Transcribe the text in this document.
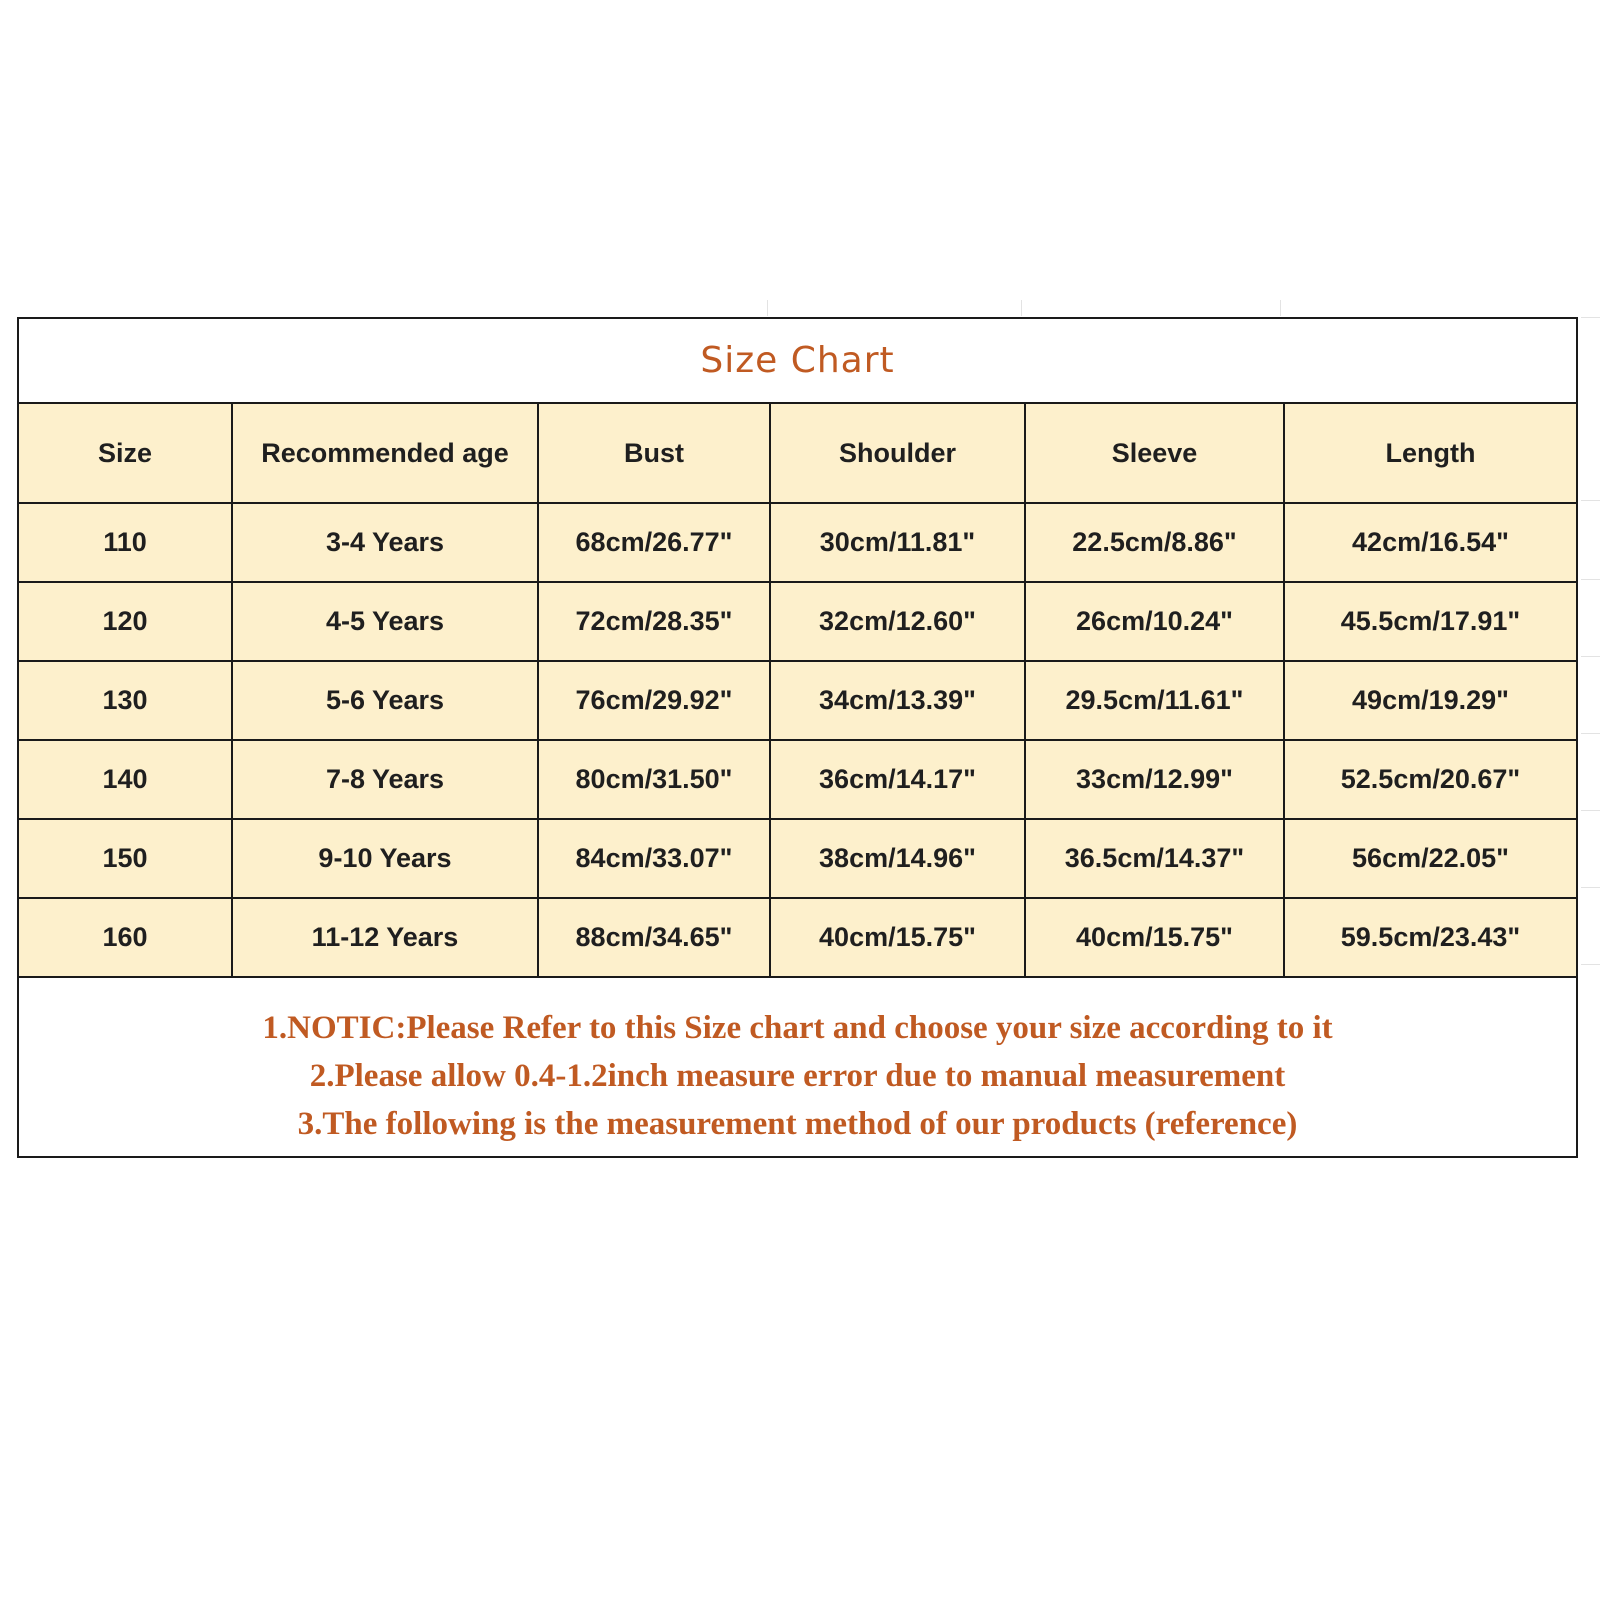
Size Chart
Size	Recommended age	Bust	Shoulder	Sleeve	Length
110	3-4 Years	68cm/26.77"	30cm/11.81"	22.5cm/8.86"	42cm/16.54"
120	4-5 Years	72cm/28.35"	32cm/12.60"	26cm/10.24"	45.5cm/17.91"
130	5-6 Years	76cm/29.92"	34cm/13.39"	29.5cm/11.61"	49cm/19.29"
140	7-8 Years	80cm/31.50"	36cm/14.17"	33cm/12.99"	52.5cm/20.67"
150	9-10 Years	84cm/33.07"	38cm/14.96"	36.5cm/14.37"	56cm/22.05"
160	11-12 Years	88cm/34.65"	40cm/15.75"	40cm/15.75"	59.5cm/23.43"
1.NOTIC:Please Refer to this Size chart and choose your size according to it
2.Please allow 0.4-1.2inch measure error due to manual measurement
3.The following is the measurement method of our products (reference)
